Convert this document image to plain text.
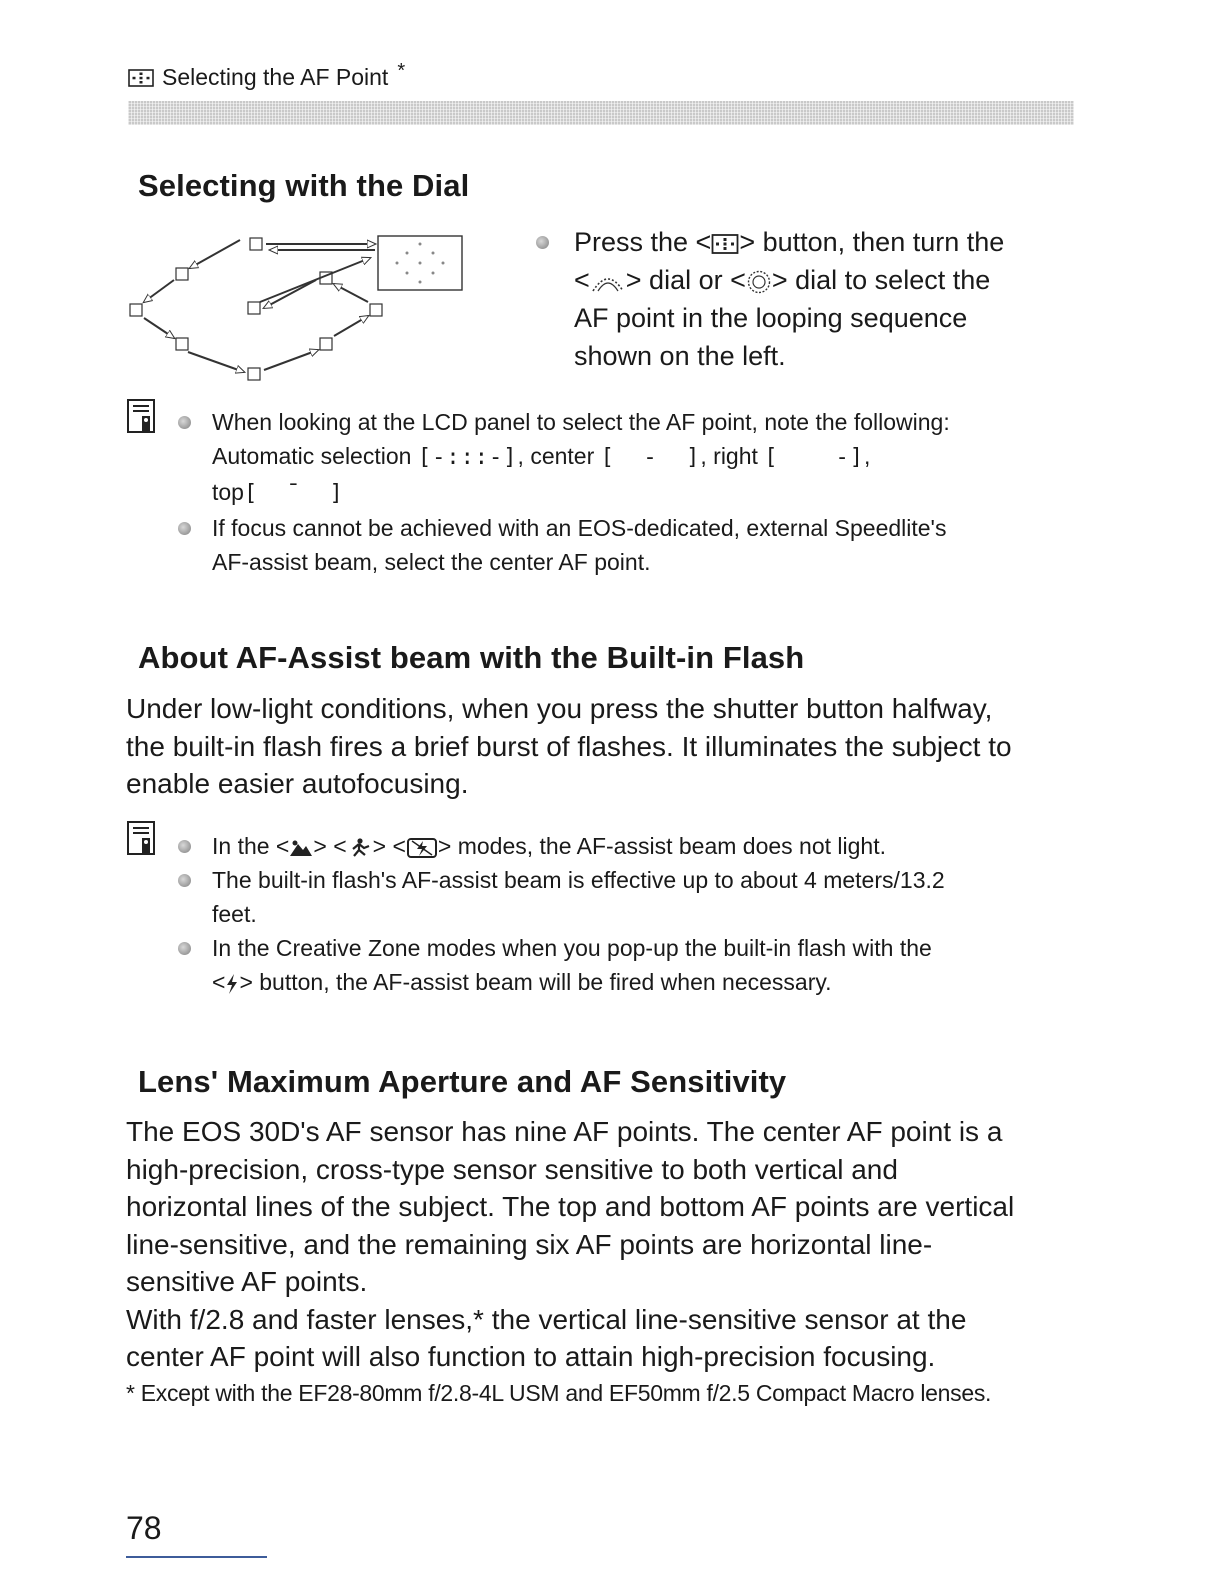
Selecting the AF Point *
Selecting with the Dial
Press the < > button, then turn the
< > dial or < > dial to select the
AF point in the looping sequence
shown on the left.
When looking at the LCD panel to select the AF point, note the following:
Automatic selection [-:::-], center [  -  ], right [    -],
top[  ¯  ]
If focus cannot be achieved with an EOS-dedicated, external Speedlite's
AF-assist beam, select the center AF point.
About AF-Assist beam with the Built-in Flash
Under low-light conditions, when you press the shutter button halfway,
the built-in flash fires a brief burst of flashes. It illuminates the subject to
enable easier autofocusing.
In the < > < > < > modes, the AF-assist beam does not light.
The built-in flash's AF-assist beam is effective up to about 4 meters/13.2
feet.
In the Creative Zone modes when you pop-up the built-in flash with the
< > button, the AF-assist beam will be fired when necessary.
Lens' Maximum Aperture and AF Sensitivity
The EOS 30D's AF sensor has nine AF points. The center AF point is a
high-precision, cross-type sensor sensitive to both vertical and
horizontal lines of the subject. The top and bottom AF points are vertical
line-sensitive, and the remaining six AF points are horizontal line-
sensitive AF points.
With f/2.8 and faster lenses,* the vertical line-sensitive sensor at the
center AF point will also function to attain high-precision focusing.
* Except with the EF28-80mm f/2.8-4L USM and EF50mm f/2.5 Compact Macro lenses.
78
